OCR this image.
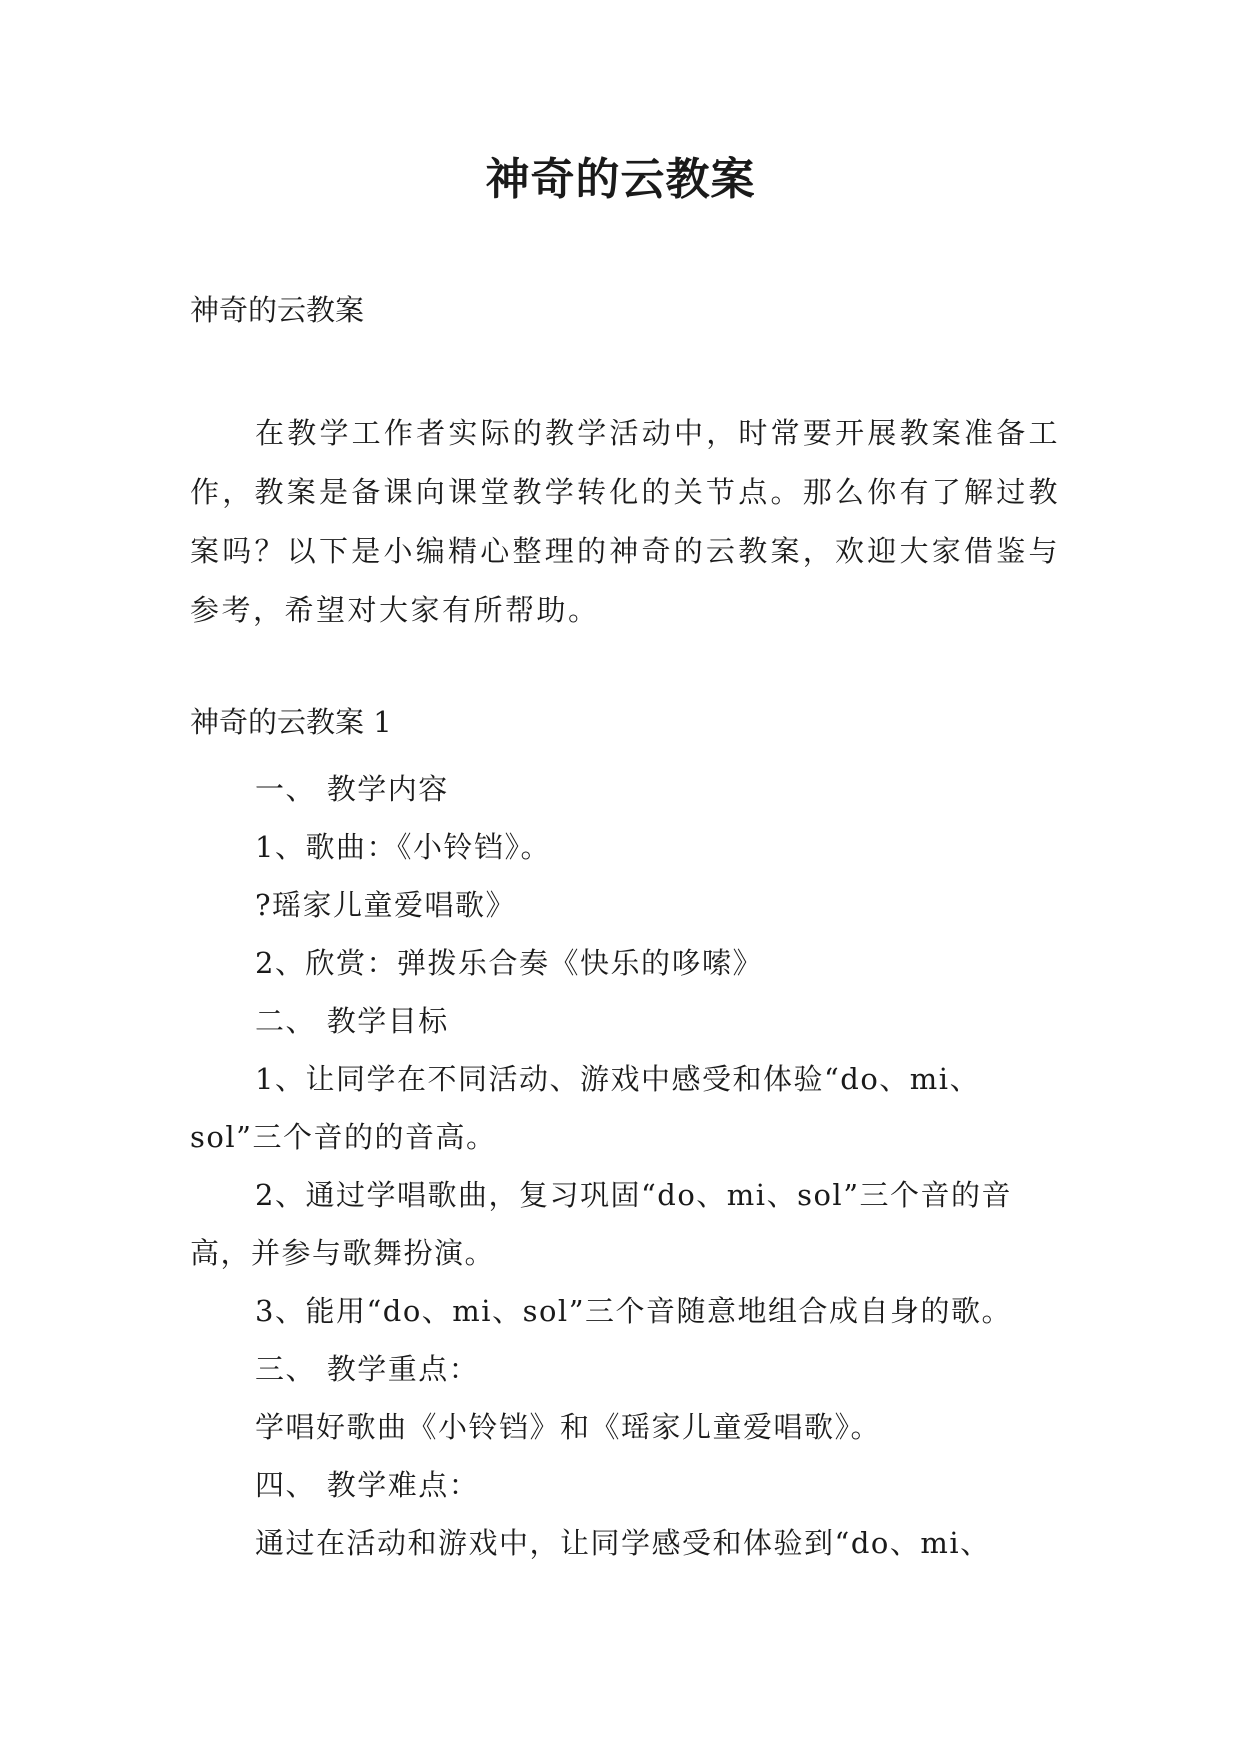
神奇的云教案

神奇的云教案

在教学工作者实际的教学活动中，时常要开展教案准备工作，教案是备课向课堂教学转化的关节点。那么你有了解过教案吗？以下是小编精心整理的神奇的云教案，欢迎大家借鉴与参考，希望对大家有所帮助。

神奇的云教案 1

一、 教学内容
1、歌曲：《小铃铛》。
?瑶家儿童爱唱歌》
2、欣赏：弹拨乐合奏《快乐的哆嗦》
二、 教学目标
1、让同学在不同活动、游戏中感受和体验“do、mi、sol”三个音的的音高。
2、通过学唱歌曲，复习巩固“do、mi、sol”三个音的音高，并参与歌舞扮演。
3、能用“do、mi、sol”三个音随意地组合成自身的歌。
三、 教学重点：
学唱好歌曲《小铃铛》和《瑶家儿童爱唱歌》。
四、 教学难点：
通过在活动和游戏中，让同学感受和体验到“do、mi、
